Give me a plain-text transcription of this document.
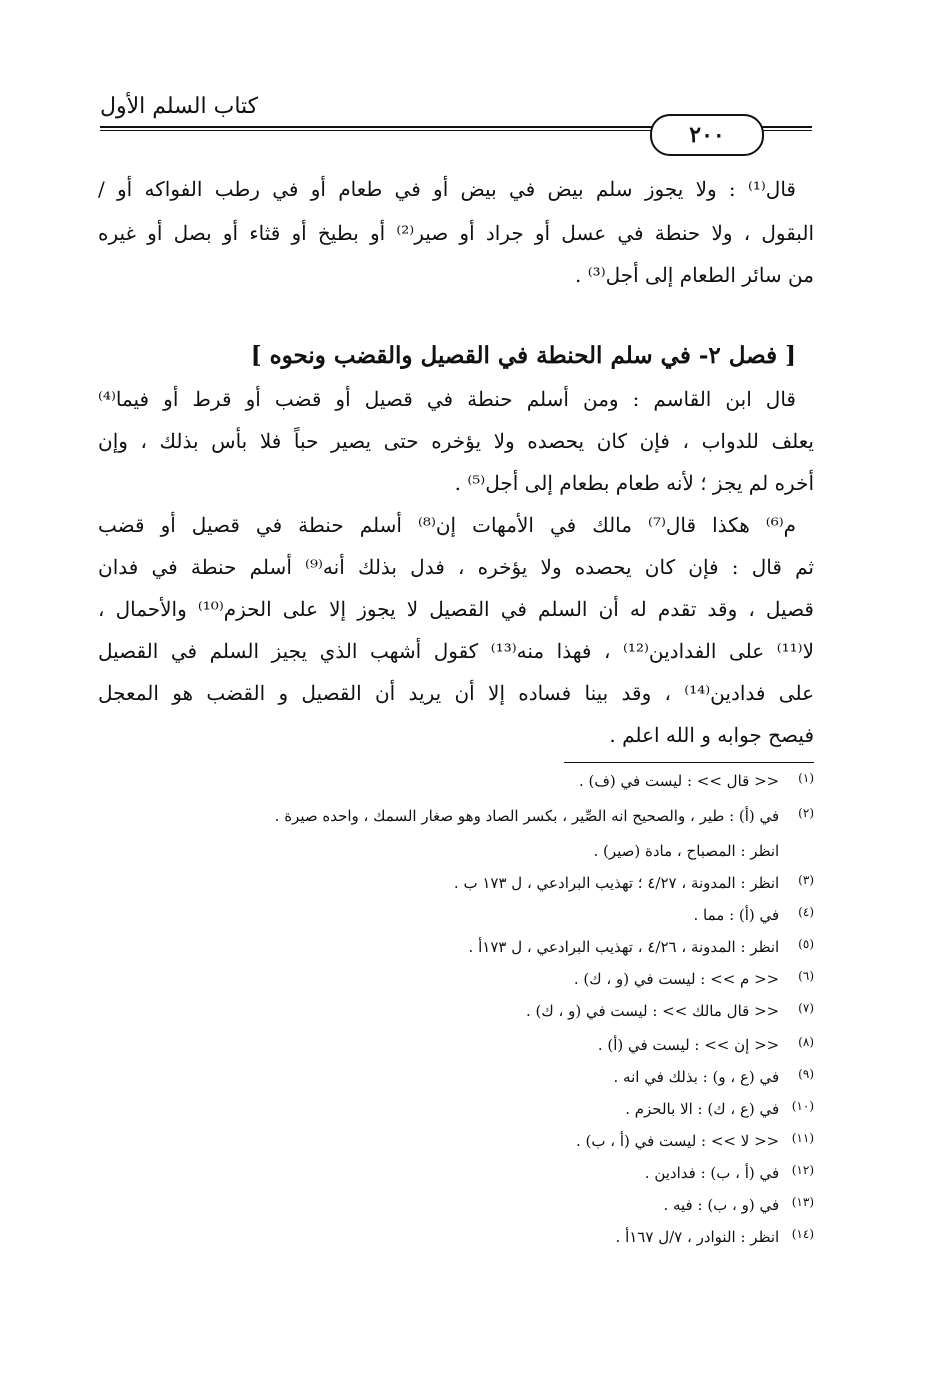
كتاب السلم الأول
٢٠٠
قال⁽¹⁾ : ولا يجوز سلم بيض في بيض أو في طعام أو في رطب الفواكه أو /
البقول ، ولا حنطة في عسل أو جراد أو صير⁽²⁾ أو بطيخ أو قثاء أو بصل أو غيره
من سائر الطعام إلى أجل⁽³⁾ .
[ فصل ٢- في سلم الحنطة في القصيل والقضب ونحوه ]
قال ابن القاسم : ومن أسلم حنطة في قصيل أو قضب أو قرط أو فيما⁽⁴⁾
يعلف للدواب ، فإن كان يحصده ولا يؤخره حتى يصير حباً فلا بأس بذلك ، وإن
أخره لم يجز ؛ لأنه طعام بطعام إلى أجل⁽⁵⁾ .
م⁽⁶⁾ هكذا قال⁽⁷⁾ مالك في الأمهات إن⁽⁸⁾ أسلم حنطة في قصيل أو قضب
ثم قال : فإن كان يحصده ولا يؤخره ، فدل بذلك أنه⁽⁹⁾ أسلم حنطة في فدان
قصيل ، وقد تقدم له أن السلم في القصيل لا يجوز إلا على الحزم⁽¹⁰⁾ والأحمال ،
لا⁽¹¹⁾ على الفدادين⁽¹²⁾ ، فهذا منه⁽¹³⁾ كقول أشهب الذي يجيز السلم في القصيل
على فدادين⁽¹⁴⁾ ، وقد بينا فساده إلا أن يريد أن القصيل و القضب هو المعجل
فيصح جوابه و الله اعلم .
(١) << قال >> : ليست في (ف) .
(٢) في (أ) : طير ، والصحيح انه الصِّير ، بكسر الصاد وهو صغار السمك ، واحده صيرة .
انظر : المصباح ، مادة (صير) .
(٣) انظر : المدونة ، ٤/٢٧ ؛ تهذيب البرادعي ، ل ١٧٣ ب .
(٤) في (أ) : مما .
(٥) انظر : المدونة ، ٤/٢٦ ، تهذيب البرادعي ، ل ١٧٣أ .
(٦) << م >> : ليست في (و ، ك) .
(٧) << قال مالك >> : ليست في (و ، ك) .
(٨) << إن >> : ليست في (أ) .
(٩) في (ع ، و) : بذلك في انه .
(١٠) في (ع ، ك) : الا بالحزم .
(١١) << لا >> : ليست في (أ ، ب) .
(١٢) في (أ ، ب) : فدادين .
(١٣) في (و ، ب) : فيه .
(١٤) انظر : النوادر ، ٧/ل ١٦٧أ .
